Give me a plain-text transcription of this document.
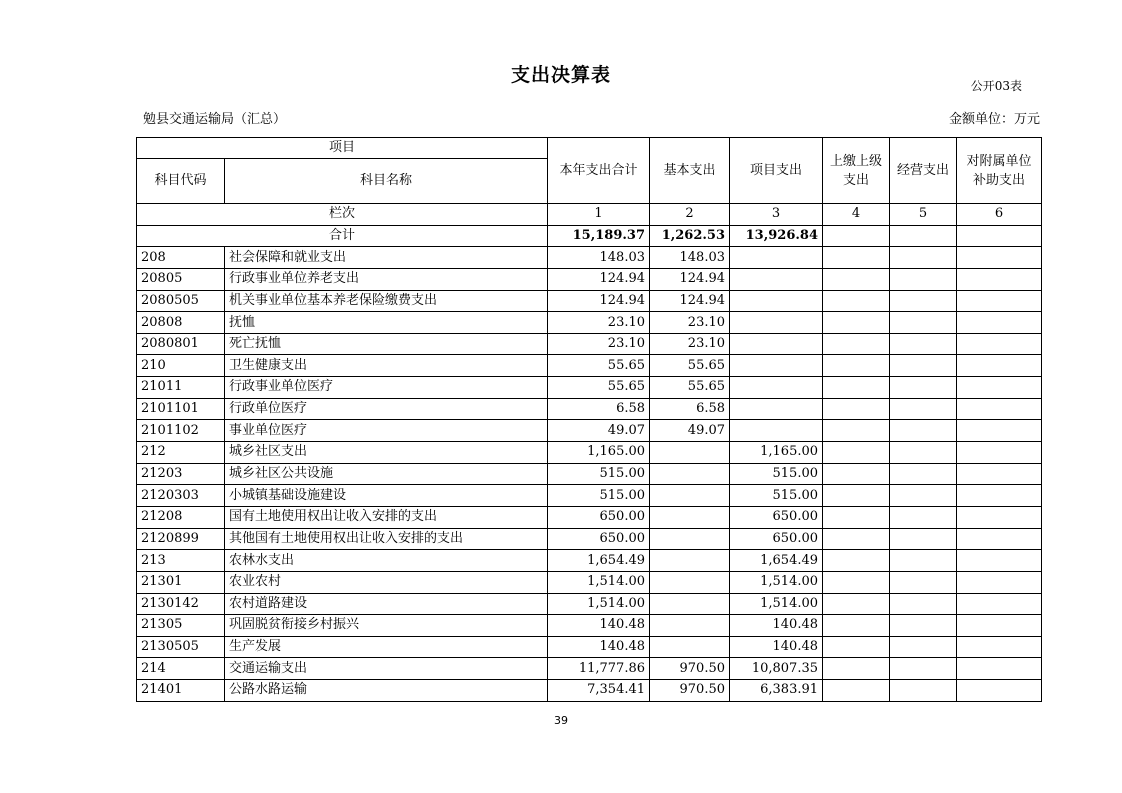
支出决算表	公开03表
勉县交通运输局（汇总）	金额单位：万元
项目		本年支出合计	基本支出	项目支出	上缴上级支出	经营支出	对附属单位补助支出
科目代码	科目名称						
栏次		1	2	3	4	5	6
合计		15,189.37	1,262.53	13,926.84			
208	社会保障和就业支出	148.03	148.03				
20805	行政事业单位养老支出	124.94	124.94				
2080505	机关事业单位基本养老保险缴费支出	124.94	124.94				
20808	抚恤	23.10	23.10				
2080801	死亡抚恤	23.10	23.10				
210	卫生健康支出	55.65	55.65				
21011	行政事业单位医疗	55.65	55.65				
2101101	行政单位医疗	6.58	6.58				
2101102	事业单位医疗	49.07	49.07				
212	城乡社区支出	1,165.00		1,165.00			
21203	城乡社区公共设施	515.00		515.00			
2120303	小城镇基础设施建设	515.00		515.00			
21208	国有土地使用权出让收入安排的支出	650.00		650.00			
2120899	其他国有土地使用权出让收入安排的支出	650.00		650.00			
213	农林水支出	1,654.49		1,654.49			
21301	农业农村	1,514.00		1,514.00			
2130142	农村道路建设	1,514.00		1,514.00			
21305	巩固脱贫衔接乡村振兴	140.48		140.48			
2130505	生产发展	140.48		140.48			
214	交通运输支出	11,777.86	970.50	10,807.35			
21401	公路水路运输	7,354.41	970.50	6,383.91			
39
